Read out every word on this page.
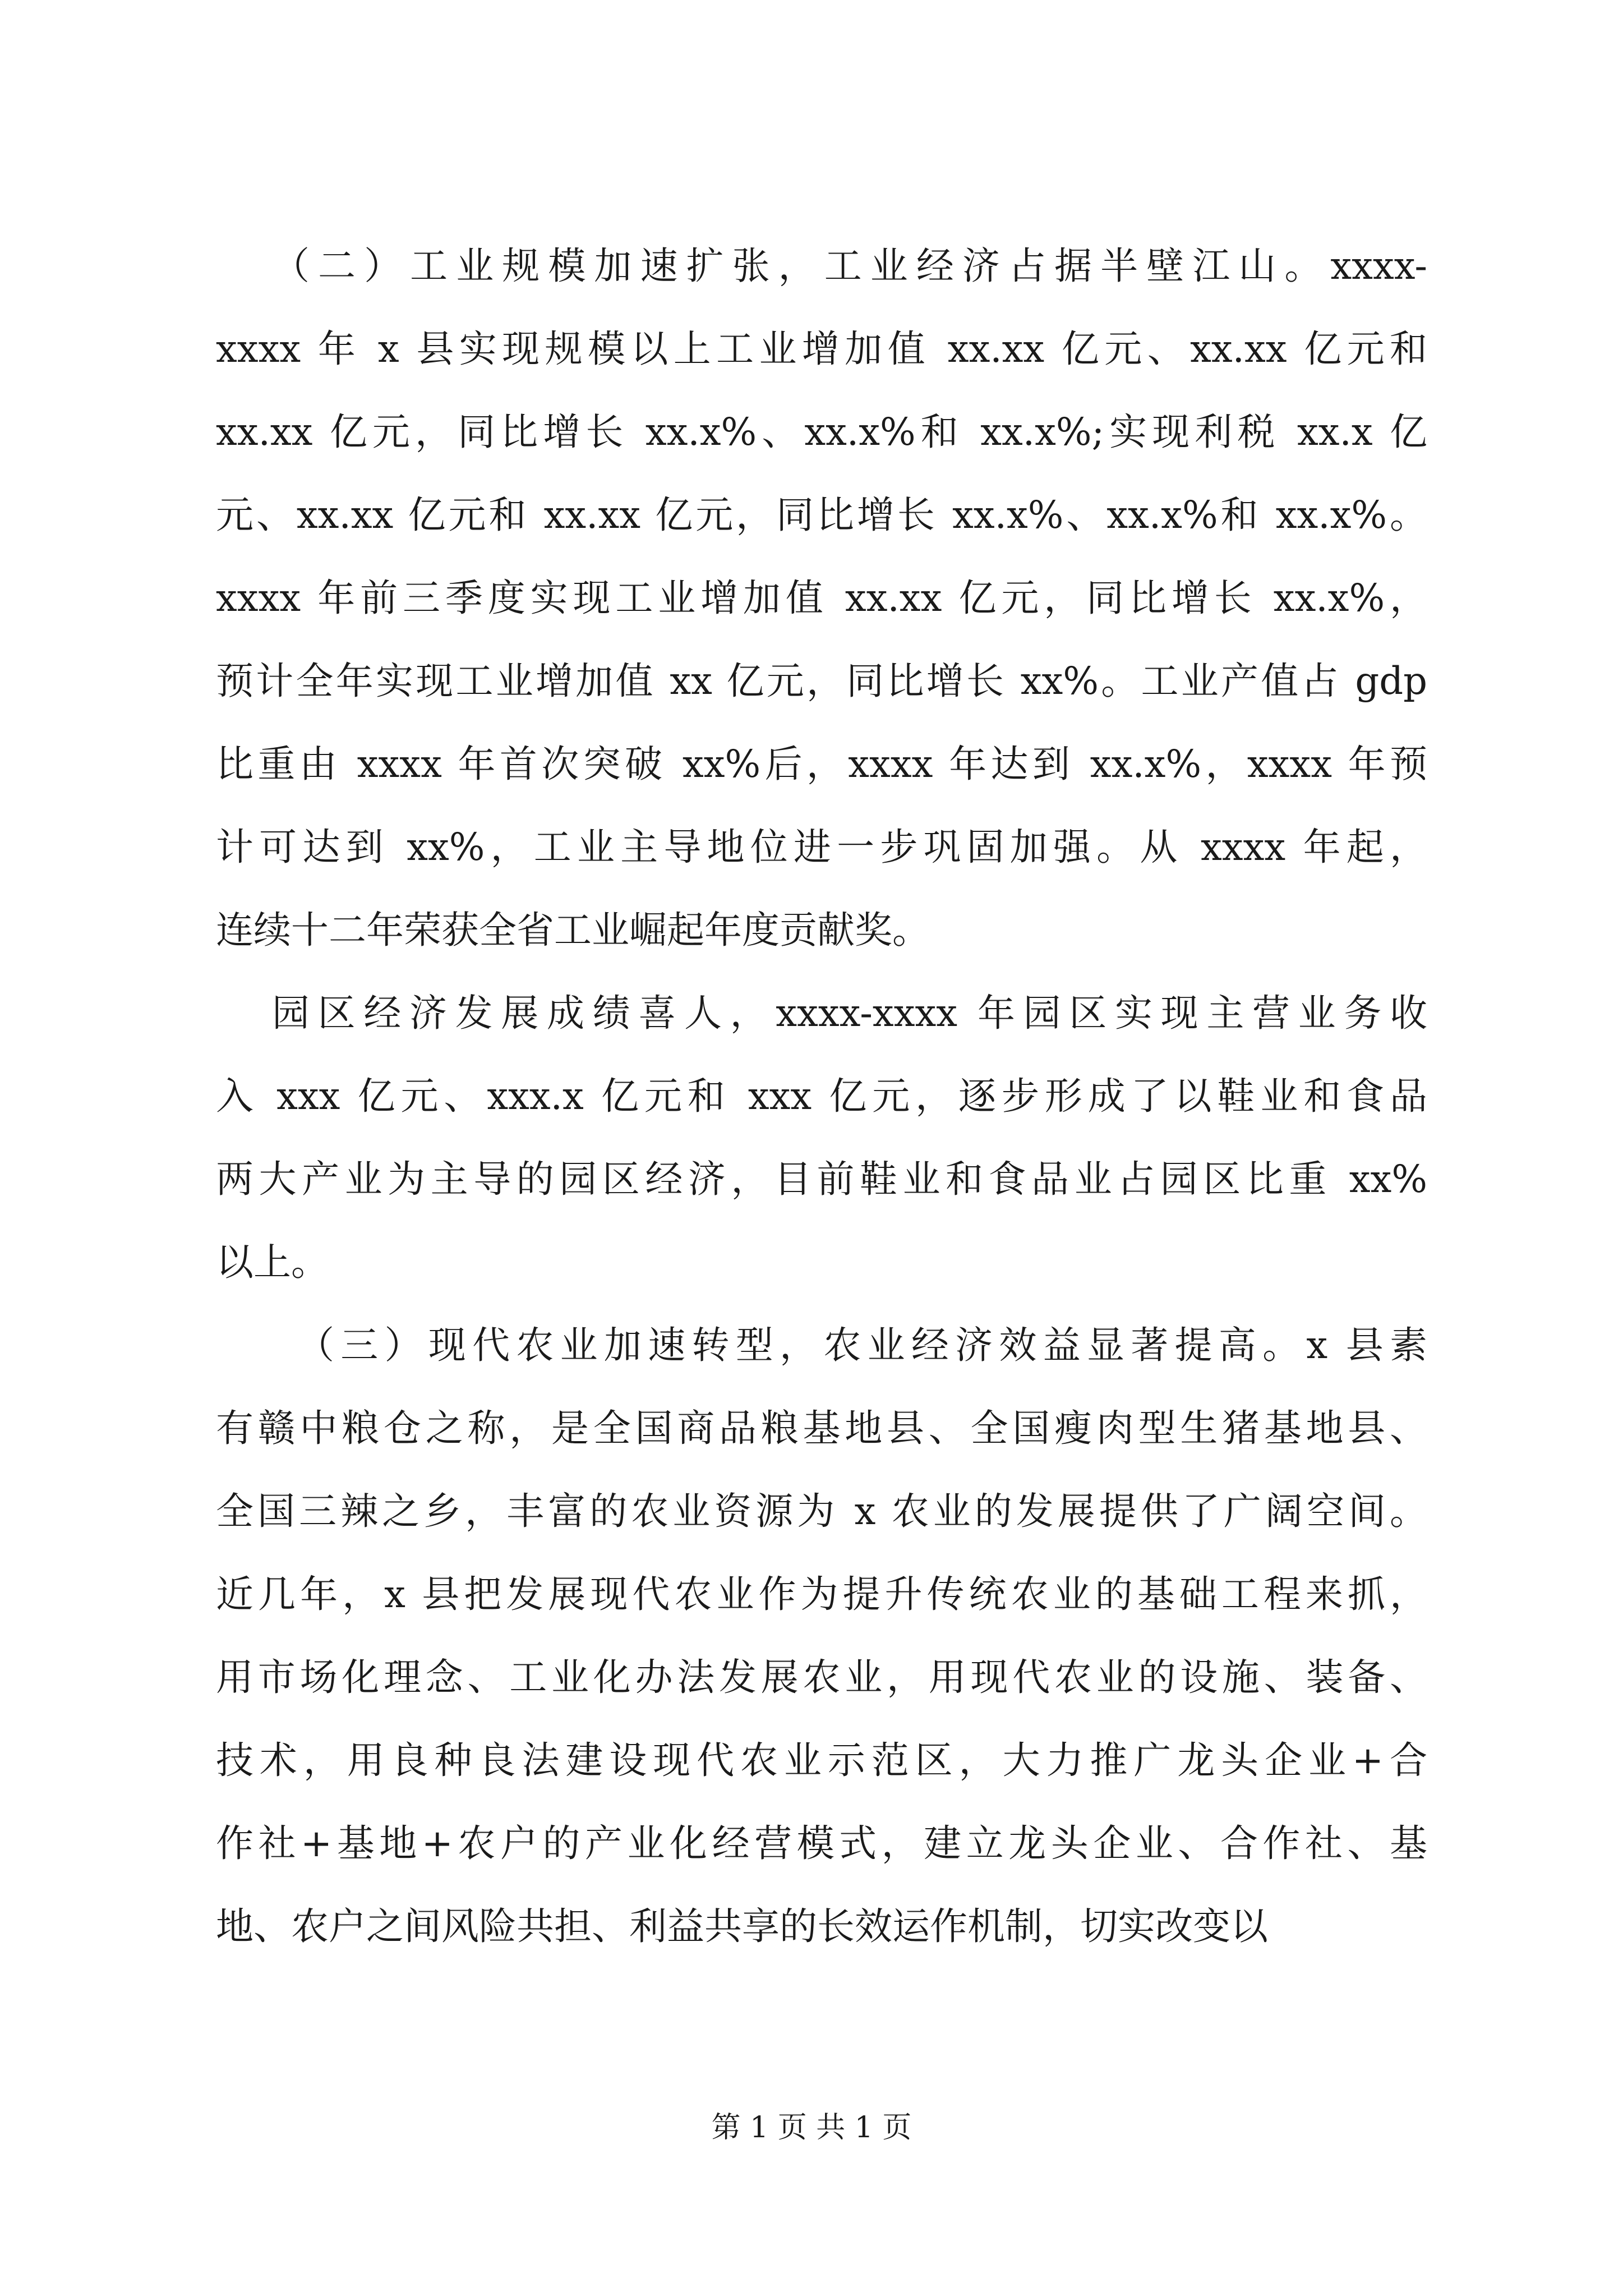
（二）工业规模加速扩张，工业经济占据半壁江山。xxxx-
xxxx 年 x 县实现规模以上工业增加值 xx.xx 亿元、xx.xx 亿元和
xx.xx 亿元，同比增长 xx.x%、xx.x%和 xx.x%;实现利税 xx.x 亿
元、xx.xx 亿元和 xx.xx 亿元，同比增长 xx.x%、xx.x%和 xx.x%。
xxxx 年前三季度实现工业增加值 xx.xx 亿元，同比增长 xx.x%，
预计全年实现工业增加值 xx 亿元，同比增长 xx%。工业产值占 gdp
比重由 xxxx 年首次突破 xx%后，xxxx 年达到 xx.x%，xxxx 年预
计可达到 xx%，工业主导地位进一步巩固加强。从 xxxx 年起，
连续十二年荣获全省工业崛起年度贡献奖。
园区经济发展成绩喜人，xxxx-xxxx 年园区实现主营业务收
入 xxx 亿元、xxx.x 亿元和 xxx 亿元，逐步形成了以鞋业和食品
两大产业为主导的园区经济，目前鞋业和食品业占园区比重 xx%
以上。
（三）现代农业加速转型，农业经济效益显著提高。x 县素
有赣中粮仓之称，是全国商品粮基地县、全国瘦肉型生猪基地县、
全国三辣之乡，丰富的农业资源为 x 农业的发展提供了广阔空间。
近几年，x 县把发展现代农业作为提升传统农业的基础工程来抓，
用市场化理念、工业化办法发展农业，用现代农业的设施、装备、
技术，用良种良法建设现代农业示范区，大力推广龙头企业+合
作社+基地+农户的产业化经营模式，建立龙头企业、合作社、基
地、农户之间风险共担、利益共享的长效运作机制，切实改变以
第 1 页 共 1 页
